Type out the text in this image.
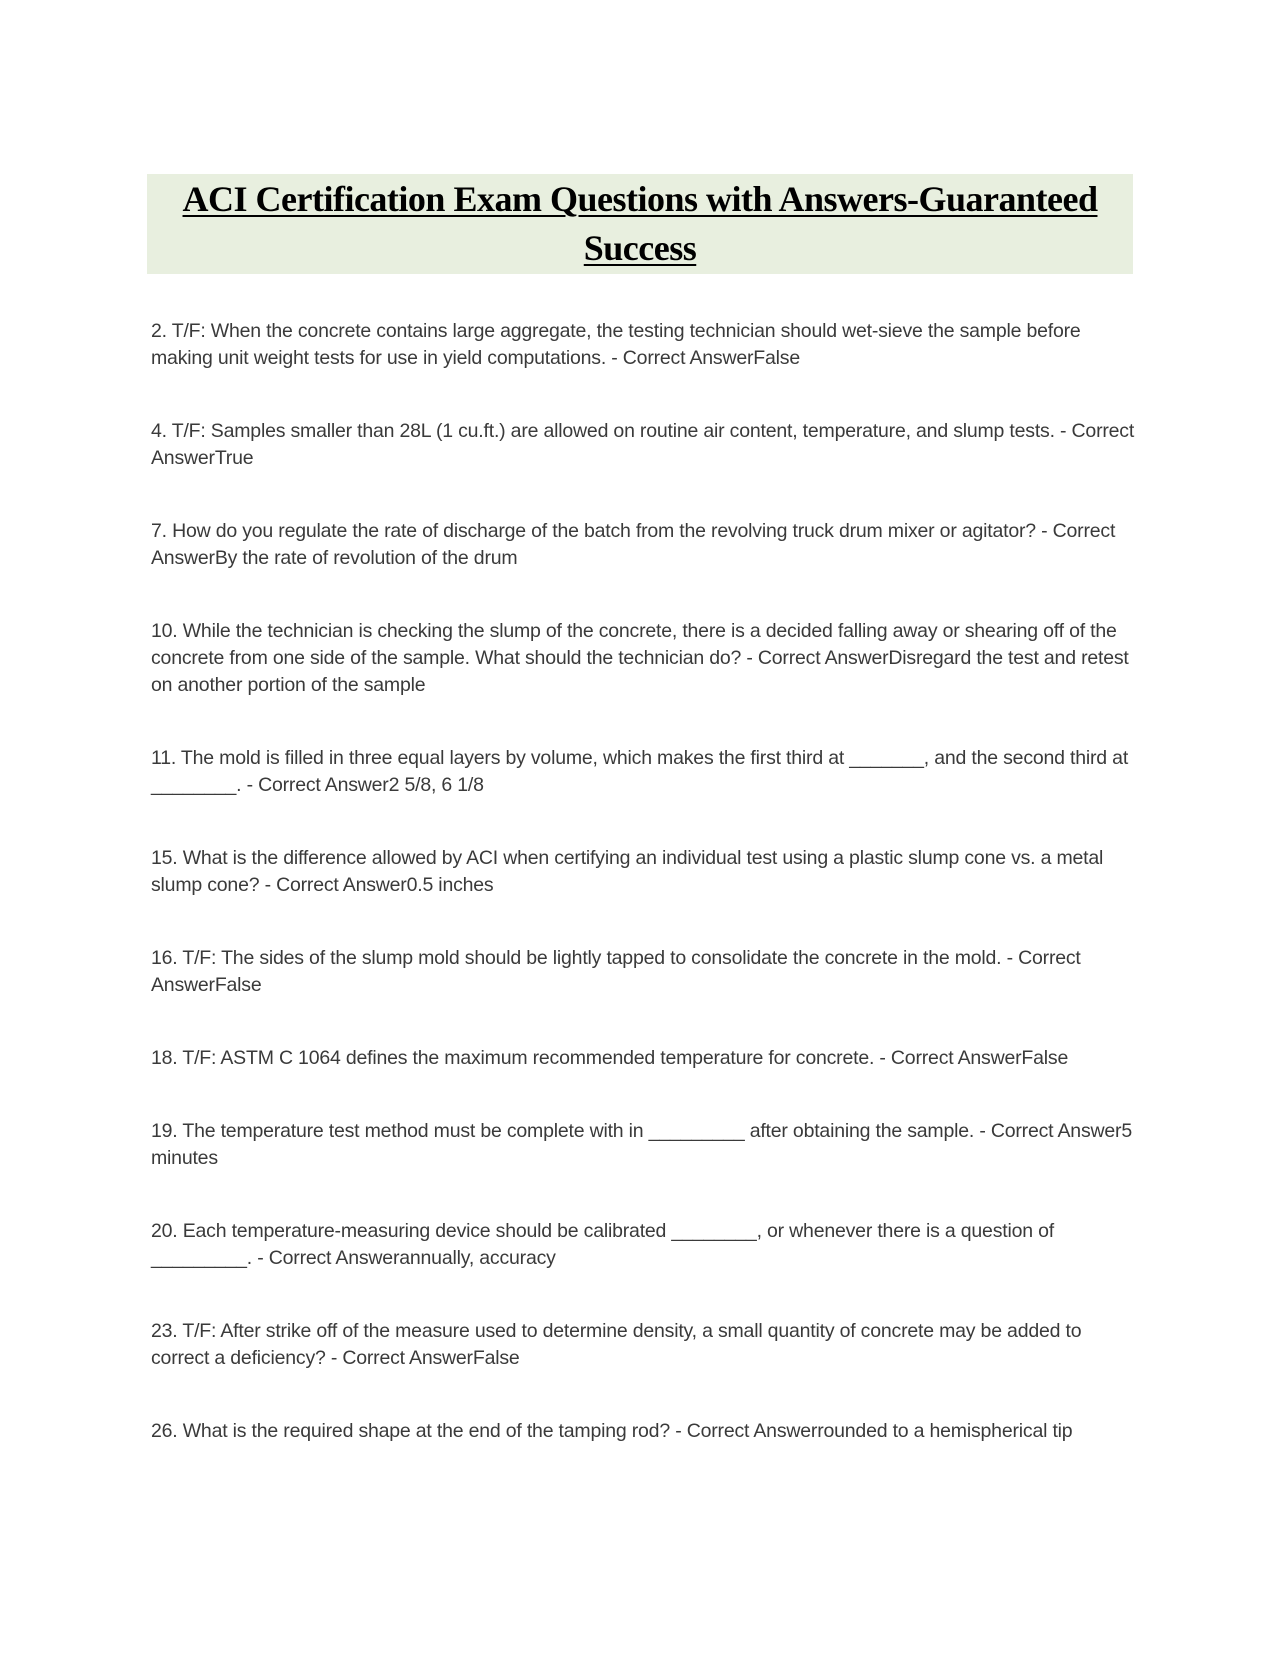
ACI Certification Exam Questions with Answers-Guaranteed
Success

2. T/F: When the concrete contains large aggregate, the testing technician should wet-sieve the sample before making unit weight tests for use in yield computations. - Correct AnswerFalse

4. T/F: Samples smaller than 28L (1 cu.ft.) are allowed on routine air content, temperature, and slump tests. - Correct AnswerTrue

7. How do you regulate the rate of discharge of the batch from the revolving truck drum mixer or agitator? - Correct AnswerBy the rate of revolution of the drum

10. While the technician is checking the slump of the concrete, there is a decided falling away or shearing off of the concrete from one side of the sample. What should the technician do? - Correct AnswerDisregard the test and retest on another portion of the sample

11. The mold is filled in three equal layers by volume, which makes the first third at _______, and the second third at ________. - Correct Answer2 5/8, 6 1/8

15. What is the difference allowed by ACI when certifying an individual test using a plastic slump cone vs. a metal slump cone? - Correct Answer0.5 inches

16. T/F: The sides of the slump mold should be lightly tapped to consolidate the concrete in the mold. - Correct AnswerFalse

18. T/F: ASTM C 1064 defines the maximum recommended temperature for concrete. - Correct AnswerFalse

19. The temperature test method must be complete with in _________ after obtaining the sample. - Correct Answer5 minutes

20. Each temperature-measuring device should be calibrated ________, or whenever there is a question of _________. - Correct Answerannually, accuracy

23. T/F: After strike off of the measure used to determine density, a small quantity of concrete may be added to correct a deficiency? - Correct AnswerFalse

26. What is the required shape at the end of the tamping rod? - Correct Answerrounded to a hemispherical tip
